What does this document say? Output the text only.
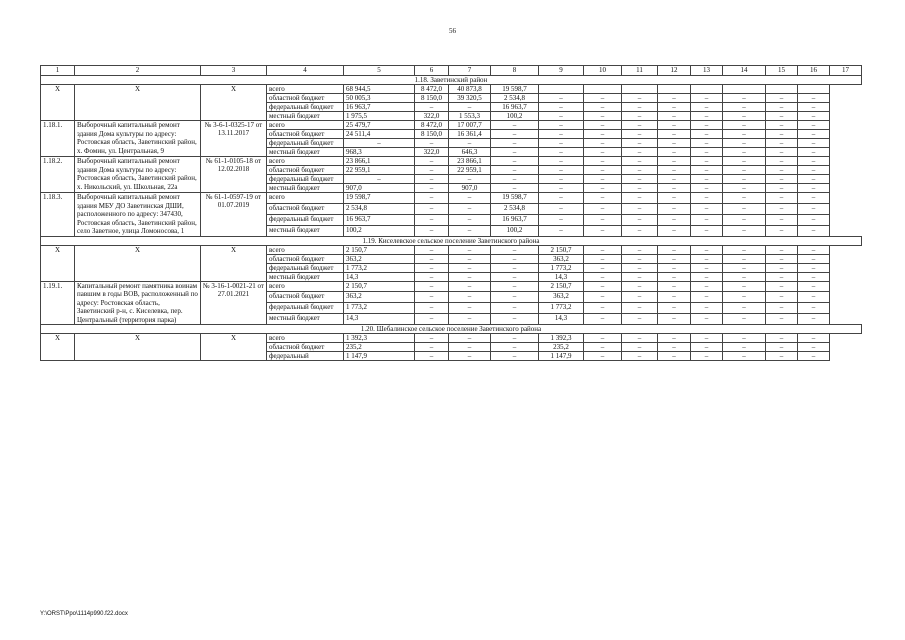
56
1	2	3	4	5	6	7	8	9	10	11	12	13	14	15	16	17
1.18. Заветинский район																
Х	Х	Х	всего	68 944,5	8 472,0	40 873,8	19 598,7									
			областной бюджет	50 005,3	8 150,0	39 320,5	2 534,8	–	–	–	–	–	–	–	–	
			федеральный бюджет	16 963,7	–	–	16 963,7	–	–	–	–	–	–	–	–	
			местный бюджет	1 975,5	322,0	1 553,3	100,2	–	–	–	–	–	–	–	–	
1.18.1.	Выборочный капитальный ремонт здания Дома культуры по адресу: Ростовская область, Заветинский район, х. Фомин, ул. Центральная, 9	№ 3-6-1-0325-17 от 13.11.2017	всего	25 479,7	8 472,0	17 007,7	–	–	–	–	–	–	–	–	–	
			областной бюджет	24 511,4	8 150,0	16 361,4	–	–	–	–	–	–	–	–	–	
			федеральный бюджет	–	–	–	–	–	–	–	–	–	–	–	–	
			местный бюджет	968,3	322,0	646,3	–	–	–	–	–	–	–	–	–	
1.18.2.	Выборочный капитальный ремонт здания Дома культуры по адресу: Ростовская область, Заветинский район, х. Никольский, ул. Школьная, 22а	№ 61-1-0105-18 от 12.02.2018	всего	23 866,1	–	23 866,1	–	–	–	–	–	–	–	–	–	
			областной бюджет	22 959,1	–	22 959,1	–	–	–	–	–	–	–	–	–	
			федеральный бюджет	–	–	–	–	–	–	–	–	–	–	–	–	
			местный бюджет	907,0	–	907,0	–	–	–	–	–	–	–	–	–	
1.18.3.	Выборочный капитальный ремонт здания МБУ ДО Заветинская ДШИ, расположенного по адресу: 347430, Ростовская область, Заветинский район, село Заветное, улица Ломоносова, 1	№ 61-1-0597-19 от 01.07.2019	всего	19 598,7	–	–	19 598,7	–	–	–	–	–	–	–	–	
			областной бюджет	2 534,8	–	–	2 534,8	–	–	–	–	–	–	–	–	
			федеральный бюджет	16 963,7	–	–	16 963,7	–	–	–	–	–	–	–	–	
			местный бюджет	100,2	–	–	100,2	–	–	–	–	–	–	–	–	
1.19. Киселевское сельское поселение Заветинского района																
Х	Х	Х	всего	2 150,7	–	–	–	2 150,7	–	–	–	–	–	–	–	
			областной бюджет	363,2	–	–	–	363,2	–	–	–	–	–	–	–	
			федеральный бюджет	1 773,2	–	–	–	1 773,2	–	–	–	–	–	–	–	
			местный бюджет	14,3	–	–	–	14,3	–	–	–	–	–	–	–	
1.19.1.	Капитальный ремонт памятника воинам павшим в годы ВОВ, расположенный по адресу: Ростовская область, Заветинский р-н, с. Киселевка, пер. Центральный (территория парка)	№ 3-16-1-0021-21 от 27.01.2021	всего	2 150,7	–	–	–	2 150,7	–	–	–	–	–	–	–	
			областной бюджет	363,2	–	–	–	363,2	–	–	–	–	–	–	–	
			федеральный бюджет	1 773,2	–	–	–	1 773,2	–	–	–	–	–	–	–	
			местный бюджет	14,3	–	–	–	14,3	–	–	–	–	–	–	–	
1.20. Шебалинское сельское поселение Заветинского района																
Х	Х	Х	всего	1 392,3	–	–	–	1 392,3	–	–	–	–	–	–	–	
			областной бюджет	235,2	–	–	–	235,2	–	–	–	–	–	–	–	
			федеральный	1 147,9	–	–	–	1 147,9	–	–	–	–	–	–	–	
Y:\ORST\Ppo\1114p990.f22.docx
